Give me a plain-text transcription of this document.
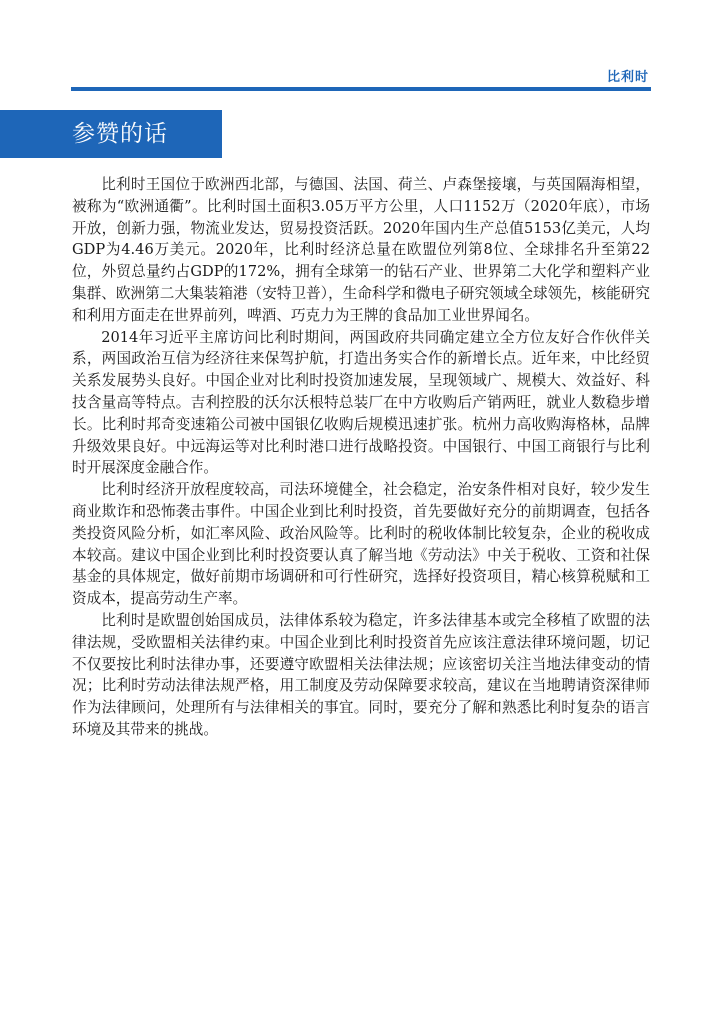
比利时
参赞的话

比利时王国位于欧洲西北部，与德国、法国、荷兰、卢森堡接壤，与英国隔海相望，被称为“欧洲通衢”。比利时国土面积3.05万平方公里，人口1152万（2020年底），市场开放，创新力强，物流业发达，贸易投资活跃。2020年国内生产总值5153亿美元，人均GDP为4.46万美元。2020年，比利时经济总量在欧盟位列第8位、全球排名升至第22位，外贸总量约占GDP的172%，拥有全球第一的钻石产业、世界第二大化学和塑料产业集群、欧洲第二大集装箱港（安特卫普），生命科学和微电子研究领域全球领先，核能研究和利用方面走在世界前列，啤酒、巧克力为王牌的食品加工业世界闻名。

2014年习近平主席访问比利时期间，两国政府共同确定建立全方位友好合作伙伴关系，两国政治互信为经济往来保驾护航，打造出务实合作的新增长点。近年来，中比经贸关系发展势头良好。中国企业对比利时投资加速发展，呈现领域广、规模大、效益好、科技含量高等特点。吉利控股的沃尔沃根特总装厂在中方收购后产销两旺，就业人数稳步增长。比利时邦奇变速箱公司被中国银亿收购后规模迅速扩张。杭州力高收购海格林，品牌升级效果良好。中远海运等对比利时港口进行战略投资。中国银行、中国工商银行与比利时开展深度金融合作。

比利时经济开放程度较高，司法环境健全，社会稳定，治安条件相对良好，较少发生商业欺诈和恐怖袭击事件。中国企业到比利时投资，首先要做好充分的前期调查，包括各类投资风险分析，如汇率风险、政治风险等。比利时的税收体制比较复杂，企业的税收成本较高。建议中国企业到比利时投资要认真了解当地《劳动法》中关于税收、工资和社保基金的具体规定，做好前期市场调研和可行性研究，选择好投资项目，精心核算税赋和工资成本，提高劳动生产率。

比利时是欧盟创始国成员，法律体系较为稳定，许多法律基本或完全移植了欧盟的法律法规，受欧盟相关法律约束。中国企业到比利时投资首先应该注意法律环境问题，切记不仅要按比利时法律办事，还要遵守欧盟相关法律法规；应该密切关注当地法律变动的情况；比利时劳动法律法规严格，用工制度及劳动保障要求较高，建议在当地聘请资深律师作为法律顾问，处理所有与法律相关的事宜。同时，要充分了解和熟悉比利时复杂的语言环境及其带来的挑战。
